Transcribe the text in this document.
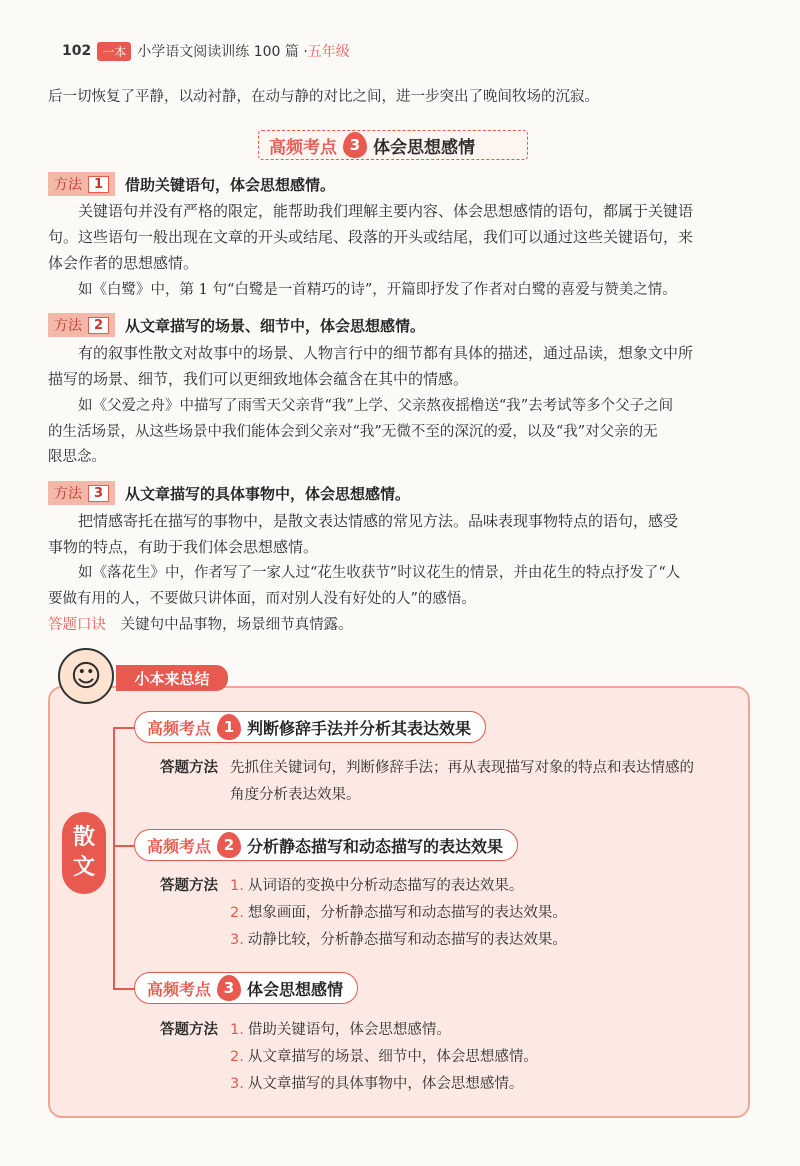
102 一本 小学语文阅读训练 100 篇 · 五年级
后一切恢复了平静，以动衬静，在动与静的对比之间，进一步突出了晚间牧场的沉寂。
高频考点 3 体会思想感情
方法 1	借助关键语句，体会思想感情。
关键语句并没有严格的限定，能帮助我们理解主要内容、体会思想感情的语句，都属于关键语
句。这些语句一般出现在文章的开头或结尾、段落的开头或结尾，我们可以通过这些关键语句，来
体会作者的思想感情。
如《白鹭》中，第 1 句“白鹭是一首精巧的诗”，开篇即抒发了作者对白鹭的喜爱与赞美之情。
方法 2	从文章描写的场景、细节中，体会思想感情。
有的叙事性散文对故事中的场景、人物言行中的细节都有具体的描述，通过品读，想象文中所
描写的场景、细节，我们可以更细致地体会蕴含在其中的情感。
如《父爱之舟》中描写了雨雪天父亲背“我”上学、父亲熬夜摇橹送“我”去考试等多个父子之间
的生活场景，从这些场景中我们能体会到父亲对“我”无微不至的深沉的爱，以及“我”对父亲的无
限思念。
方法 3	从文章描写的具体事物中，体会思想感情。
把情感寄托在描写的事物中，是散文表达情感的常见方法。品味表现事物特点的语句，感受
事物的特点，有助于我们体会思想感情。
如《落花生》中，作者写了一家人过“花生收获节”时议花生的情景，并由花生的特点抒发了“人
要做有用的人，不要做只讲体面，而对别人没有好处的人”的感悟。
答题口诀 关键句中品事物，场景细节真情露。
☺	小本来总结
散
文
高频考点 1 判断修辞手法并分析其表达效果
答题方法 先抓住关键词句，判断修辞手法；再从表现描写对象的特点和表达情感的
角度分析表达效果。
高频考点 2 分析静态描写和动态描写的表达效果
答题方法 1. 从词语的变换中分析动态描写的表达效果。
2. 想象画面，分析静态描写和动态描写的表达效果。
3. 动静比较，分析静态描写和动态描写的表达效果。
高频考点 3 体会思想感情
答题方法 1. 借助关键语句，体会思想感情。
2. 从文章描写的场景、细节中，体会思想感情。
3. 从文章描写的具体事物中，体会思想感情。
